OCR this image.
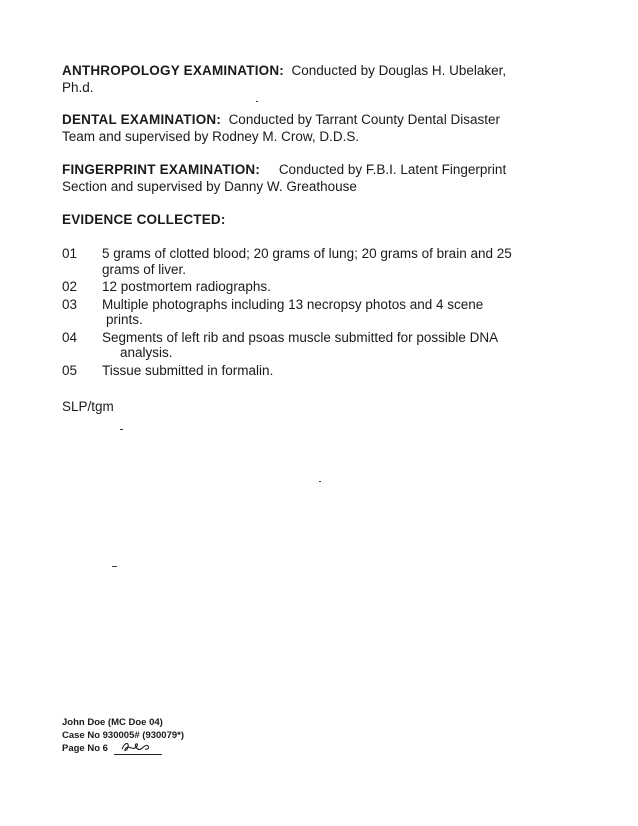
ANTHROPOLOGY EXAMINATION: Conducted by Douglas H. Ubelaker,
Ph.d.
DENTAL EXAMINATION: Conducted by Tarrant County Dental Disaster
Team and supervised by Rodney M. Crow, D.D.S.
FINGERPRINT EXAMINATION: Conducted by F.B.I. Latent Fingerprint
Section and supervised by Danny W. Greathouse
EVIDENCE COLLECTED:
01	5 grams of clotted blood; 20 grams of lung; 20 grams of brain and 25
grams of liver.
02	12 postmortem radiographs.
03	Multiple photographs including 13 necropsy photos and 4 scene
prints.
04	Segments of left rib and psoas muscle submitted for possible DNA
analysis.
05	Tissue submitted in formalin.
SLP/tgm
John Doe (MC Doe 04)
Case No 930005# (930079*)
Page No 6
